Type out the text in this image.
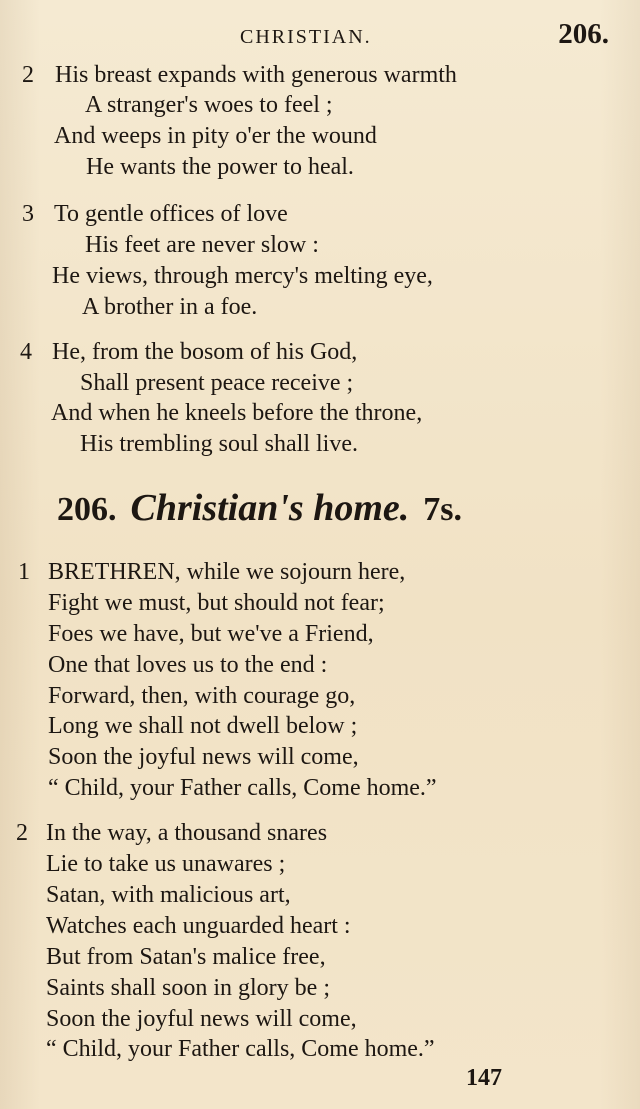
CHRISTIAN.	206.
2 His breast expands with generous warmth
A stranger's woes to feel ;
And weeps in pity o'er the wound
He wants the power to heal.
3 To gentle offices of love
His feet are never slow :
He views, through mercy's melting eye,
A brother in a foe.
4 He, from the bosom of his God,
Shall present peace receive ;
And when he kneels before the throne,
His trembling soul shall live.
206. Christian's home. 7s.
1 BRETHREN, while we sojourn here,
Fight we must, but should not fear;
Foes we have, but we've a Friend,
One that loves us to the end :
Forward, then, with courage go,
Long we shall not dwell below ;
Soon the joyful news will come,
“ Child, your Father calls, Come home.”
2 In the way, a thousand snares
Lie to take us unawares ;
Satan, with malicious art,
Watches each unguarded heart :
But from Satan's malice free,
Saints shall soon in glory be ;
Soon the joyful news will come,
“ Child, your Father calls, Come home.”
147
